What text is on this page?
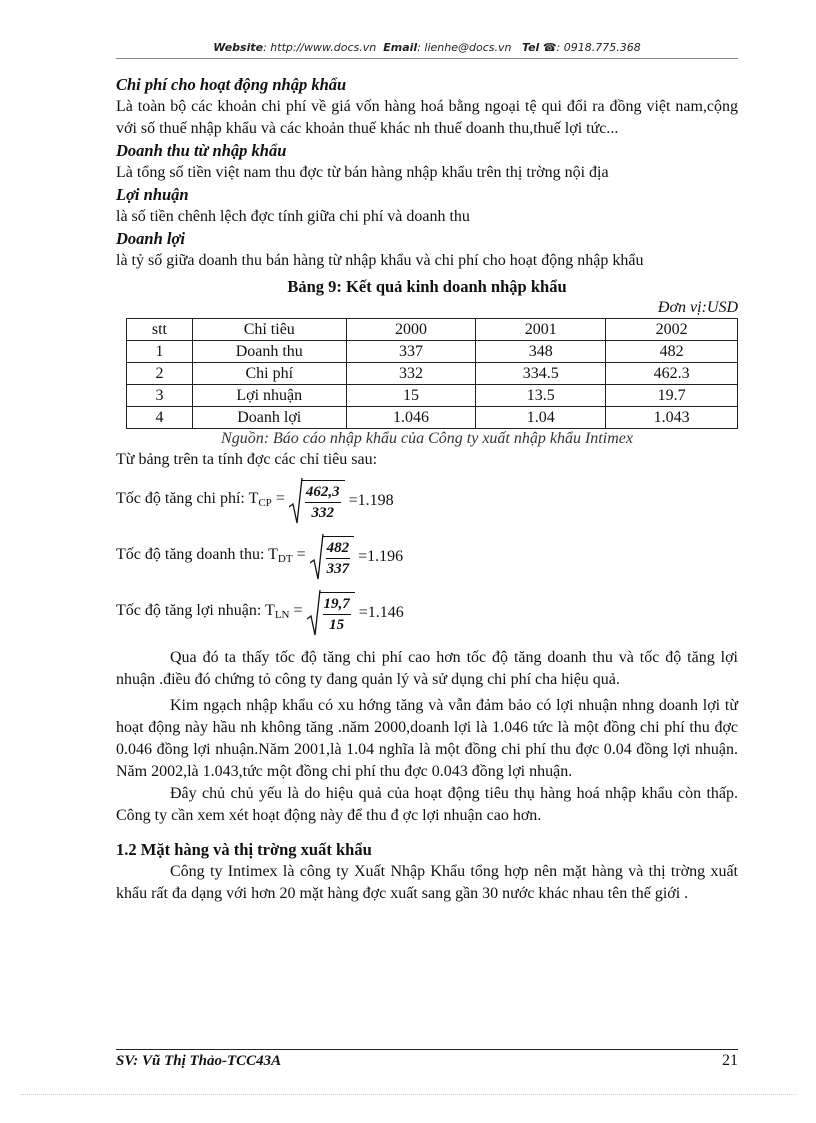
Website: http://www.docs.vn Email: lienhe@docs.vn Tel ☎: 0918.775.368

Chi phí cho hoạt động nhập khẩu

Là toàn bộ các khoản chi phí về giá vốn hàng hoá bằng ngoại tệ qui đổi ra đồng việt nam,cộng với số thuế nhập khẩu và các khoản thuế khác nh thuế doanh thu,thuế lợi tức...

Doanh thu từ nhập khẩu

Là tổng số tiền việt nam thu đợc từ bán hàng nhập khẩu trên thị trờng nội địa

Lợi nhuận

là số tiền chênh lệch đợc tính giữa chi phí và doanh thu

Doanh lợi

là tỷ số giữa doanh thu bán hàng từ nhập khẩu và chi phí cho hoạt động nhập khẩu

Bảng 9: Kết quả kinh doanh nhập khẩu
Đơn vị:USD
stt	Chỉ tiêu	2000	2001	2002
1	Doanh thu	337	348	482
2	Chi phí	332	334.5	462.3
3	Lợi nhuận	15	13.5	19.7
4	Doanh lợi	1.046	1.04	1.043
Nguồn: Báo cáo nhập khẩu của Công ty xuất nhập khẩu Intimex

Từ bảng trên ta tính đợc các chỉ tiêu sau:

Tốc độ tăng chi phí: $T_{CP} = \frac{462,3}{332} =1.198$
Tốc độ tăng doanh thu: $T_{DT} = \frac{482}{337} =1.196$
Tốc độ tăng lợi nhuận: $T_{LN} = \frac{19,7}{15} =1.146$

Qua đó ta thấy tốc độ tăng chi phí cao hơn tốc độ tăng doanh thu và tốc độ tăng lợi nhuận .điều đó chứng tỏ công ty đang quản lý và sử dụng chi phí cha hiệu quả.

Kim ngạch nhập khẩu có xu hớng tăng và vẫn đảm bảo có lợi nhuận nhng doanh lợi từ hoạt động này hầu nh không tăng .năm 2000,doanh lợi là 1.046 tức là một đồng chi phí thu đợc 0.046 đồng lợi nhuận.Năm 2001,là 1.04 nghĩa là một đồng chi phí thu đợc 0.04 đồng lợi nhuận. Năm 2002,là 1.043,tức một đồng chi phí thu đợc 0.043 đồng lợi nhuận.

Đây chủ chủ yếu là do hiệu quả của hoạt động tiêu thụ hàng hoá nhập khẩu còn thấp. Công ty cần xem xét hoạt động này để thu đ ợc lợi nhuận cao hơn.

1.2 Mặt hàng và thị trờng xuất khẩu

Công ty Intimex là công ty Xuất Nhập Khẩu tổng hợp nên mặt hàng và thị trờng xuất khẩu rất đa dạng với hơn 20 mặt hàng đợc xuất sang gần 30 nước khác nhau tên thế giới .

SV: Vũ Thị Thảo-TCC43A	21
